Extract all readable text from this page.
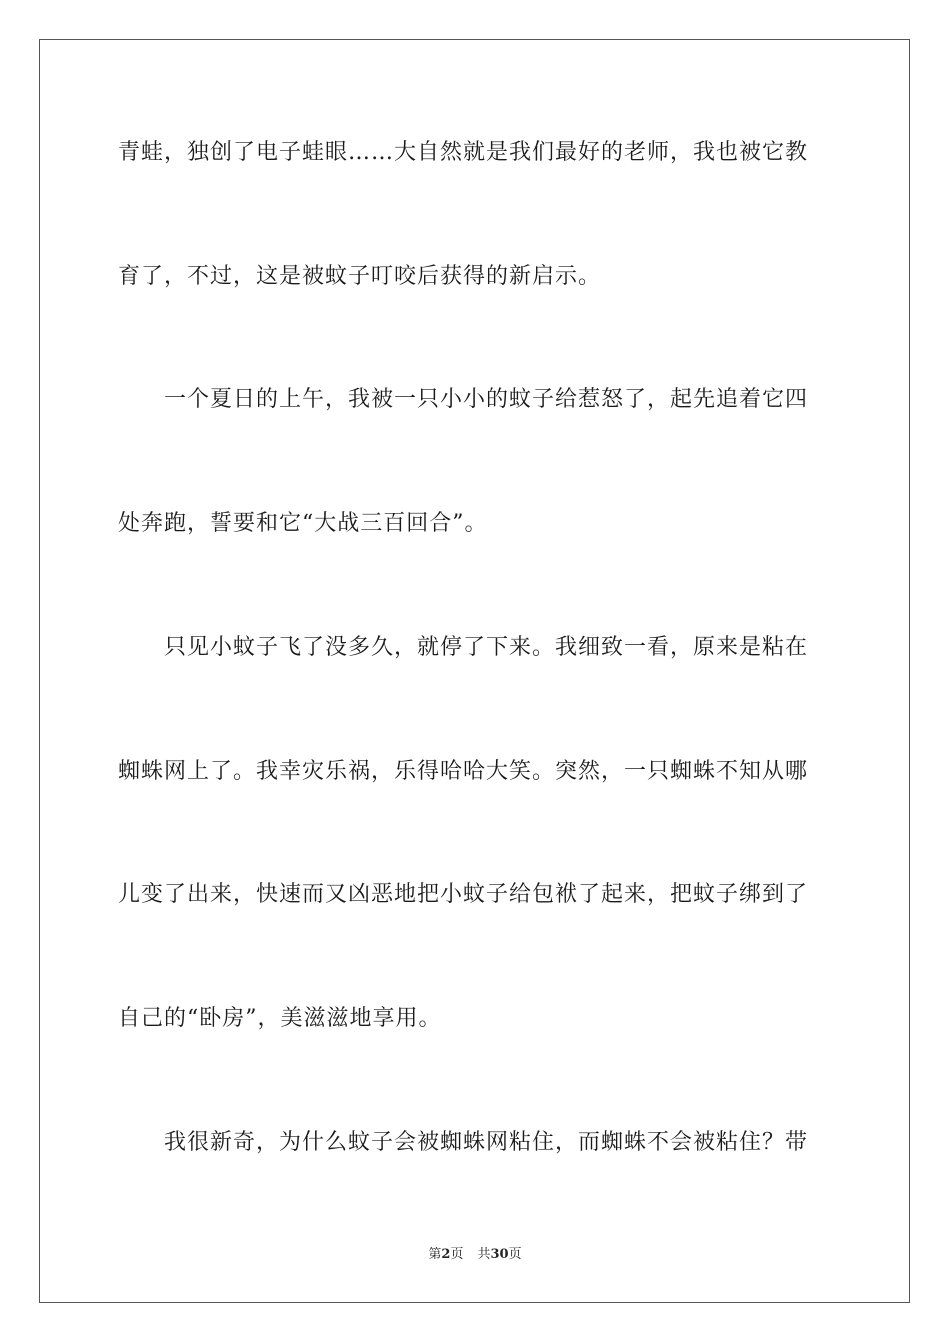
青蛙，独创了电子蛙眼……大自然就是我们最好的老师，我也被它教
育了，不过，这是被蚊子叮咬后获得的新启示。
一个夏日的上午，我被一只小小的蚊子给惹怒了，起先追着它四
处奔跑，誓要和它“大战三百回合”。
只见小蚊子飞了没多久，就停了下来。我细致一看，原来是粘在
蜘蛛网上了。我幸灾乐祸，乐得哈哈大笑。突然，一只蜘蛛不知从哪
儿变了出来，快速而又凶恶地把小蚊子给包袱了起来，把蚊子绑到了
自己的“卧房”，美滋滋地享用。
我很新奇，为什么蚊子会被蜘蛛网粘住，而蜘蛛不会被粘住？带
第2页 共30页
